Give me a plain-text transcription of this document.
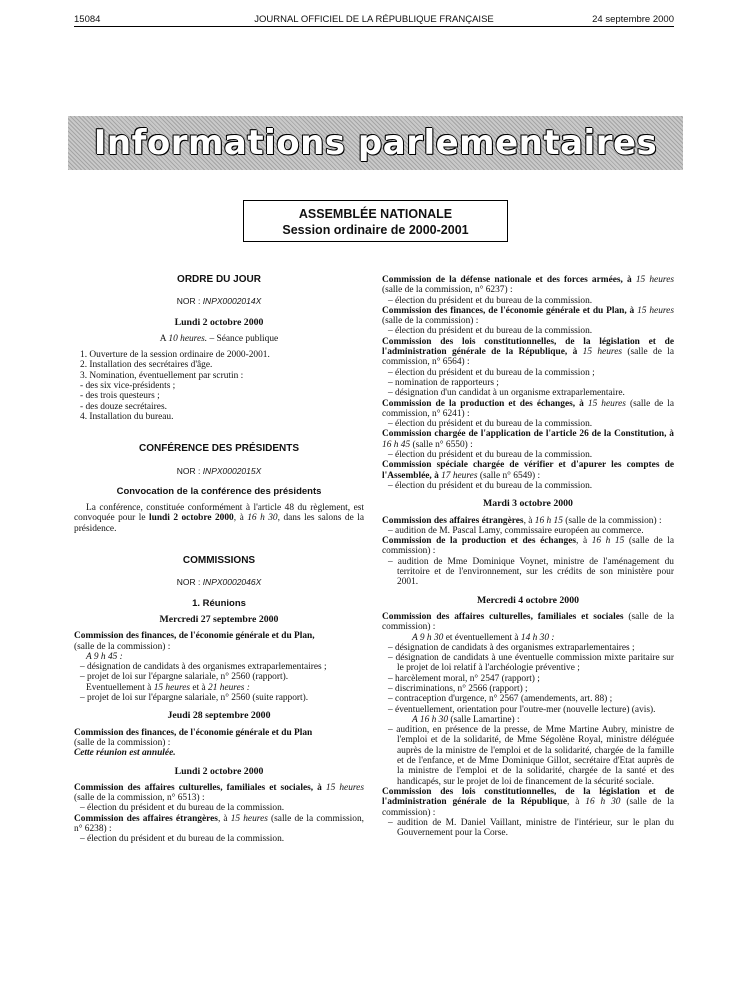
15084	JOURNAL OFFICIEL DE LA RÉPUBLIQUE FRANÇAISE	24 septembre 2000
Informations parlementaires
ASSEMBLÉE NATIONALE
Session ordinaire de 2000-2001
ORDRE DU JOUR
NOR : INPX0002014X
Lundi 2 octobre 2000
A 10 heures. – Séance publique
1. Ouverture de la session ordinaire de 2000-2001.
2. Installation des secrétaires d'âge.
3. Nomination, éventuellement par scrutin :
- des six vice-présidents ;
- des trois questeurs ;
- des douze secrétaires.
4. Installation du bureau.
CONFÉRENCE DES PRÉSIDENTS
NOR : INPX0002015X
Convocation de la conférence des présidents

La conférence, constituée conformément à l'article 48 du règlement, est convoquée pour le lundi 2 octobre 2000, à 16 h 30, dans les salons de la présidence.

COMMISSIONS
NOR : INPX0002046X
1. Réunions
Mercredi 27 septembre 2000
Commission des finances, de l'économie générale et du Plan,
(salle de la commission) :
A 9 h 45 :
– désignation de candidats à des organismes extraparlementaires ;
– projet de loi sur l'épargne salariale, n° 2560 (rapport).
Eventuellement à 15 heures et à 21 heures :
– projet de loi sur l'épargne salariale, n° 2560 (suite rapport).
Jeudi 28 septembre 2000
Commission des finances, de l'économie générale et du Plan
(salle de la commission) :
Cette réunion est annulée.
Lundi 2 octobre 2000

Commission des affaires culturelles, familiales et sociales, à 15 heures (salle de la commission, n° 6513) :

– élection du président et du bureau de la commission.

Commission des affaires étrangères, à 15 heures (salle de la commission, n° 6238) :

– élection du président et du bureau de la commission.

Commission de la défense nationale et des forces armées, à 15 heures (salle de la commission, n° 6237) :

– élection du président et du bureau de la commission.

Commission des finances, de l'économie générale et du Plan, à 15 heures (salle de la commission) :

– élection du président et du bureau de la commission.

Commission des lois constitutionnelles, de la législation et de l'administration générale de la République, à 15 heures (salle de la commission, n° 6564) :

– élection du président et du bureau de la commission ;
– nomination de rapporteurs ;
– désignation d'un candidat à un organisme extraparlementaire.

Commission de la production et des échanges, à 15 heures (salle de la commission, n° 6241) :

– élection du président et du bureau de la commission.

Commission chargée de l'application de l'article 26 de la Constitution, à 16 h 45 (salle n° 6550) :

– élection du président et du bureau de la commission.

Commission spéciale chargée de vérifier et d'apurer les comptes de l'Assemblée, à 17 heures (salle n° 6549) :

– élection du président et du bureau de la commission.
Mardi 3 octobre 2000

Commission des affaires étrangères, à 16 h 15 (salle de la commission) :

– audition de M. Pascal Lamy, commissaire européen au commerce.

Commission de la production et des échanges, à 16 h 15 (salle de la commission) :

– audition de Mme Dominique Voynet, ministre de l'aménagement du territoire et de l'environnement, sur les crédits de son ministère pour 2001.
Mercredi 4 octobre 2000

Commission des affaires culturelles, familiales et sociales (salle de la commission) :

A 9 h 30 et éventuellement à 14 h 30 :
– désignation de candidats à des organismes extraparlementaires ;
– désignation de candidats à une éventuelle commission mixte paritaire sur le projet de loi relatif à l'archéologie préventive ;
– harcèlement moral, n° 2547 (rapport) ;
– discriminations, n° 2566 (rapport) ;
– contraception d'urgence, n° 2567 (amendements, art. 88) ;
– éventuellement, orientation pour l'outre-mer (nouvelle lecture) (avis).
A 16 h 30 (salle Lamartine) :
– audition, en présence de la presse, de Mme Martine Aubry, ministre de l'emploi et de la solidarité, de Mme Ségolène Royal, ministre déléguée auprès de la ministre de l'emploi et de la solidarité, chargée de la famille et de l'enfance, et de Mme Dominique Gillot, secrétaire d'Etat auprès de la ministre de l'emploi et de la solidarité, chargée de la santé et des handicapés, sur le projet de loi de financement de la sécurité sociale.

Commission des lois constitutionnelles, de la législation et de l'administration générale de la République, à 16 h 30 (salle de la commission) :

– audition de M. Daniel Vaillant, ministre de l'intérieur, sur le plan du Gouvernement pour la Corse.
